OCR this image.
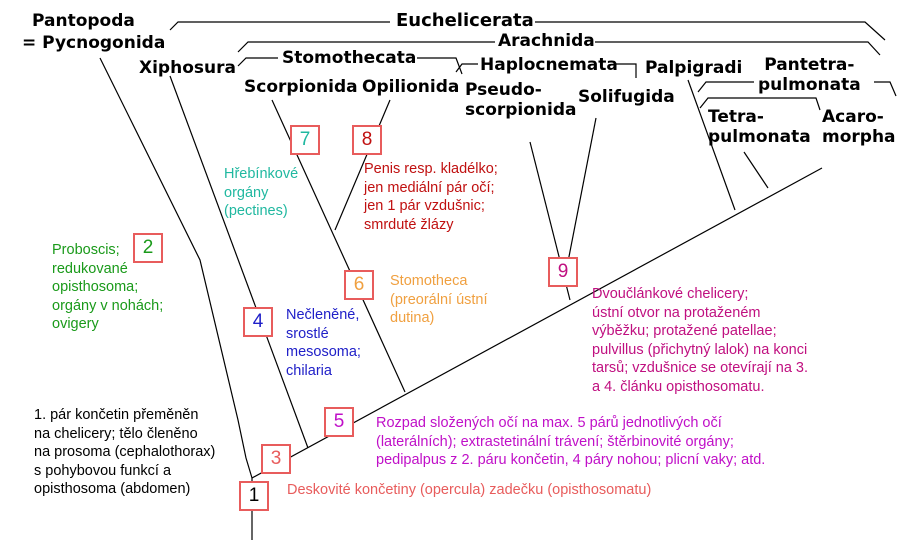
Pantopoda
= Pycnogonida
Euchelicerata
Arachnida
Stomothecata
Xiphosura	Haplocnemata Palpigradi	Pantetra-
pulmonata
Scorpionida Opilionida Pseudo-
scorpionida
Solifugida
Tetra-
pulmonata
Acaro-
morpha
1
2
3
4
5
6
7	8
9
1. pár končetin přeměněn
na chelicery; tělo členěno
na prosoma (cephalothorax)
s pohybovou funkcí a
opisthosoma (abdomen)
Proboscis;
redukované
opisthosoma;
orgány v nohách;
ovigery
Deskovité končetiny (opercula) zadečku (opisthosomatu)
Nečleněné,
srostlé
mesosoma;
chilaria
Rozpad složených očí na max. 5 párů jednotlivých očí
(laterálních); extrastetinální trávení; štěrbinovité orgány;
pedipalpus z 2. páru končetin, 4 páry nohou; plicní vaky; atd.
Stomotheca
(preorální ústní
dutina)
Hřebínkové
orgány
(pectines)
Penis resp. kladélko;
jen mediální pár očí;
jen 1 pár vzdušnic;
smrduté žlázy
Dvoučlánkové chelicery;
ústní otvor na protaženém
výběžku; protažené patellae;
pulvillus (přichytný lalok) na konci
tarsů; vzdušnice se otevírají na 3.
a 4. článku opisthosomatu.
